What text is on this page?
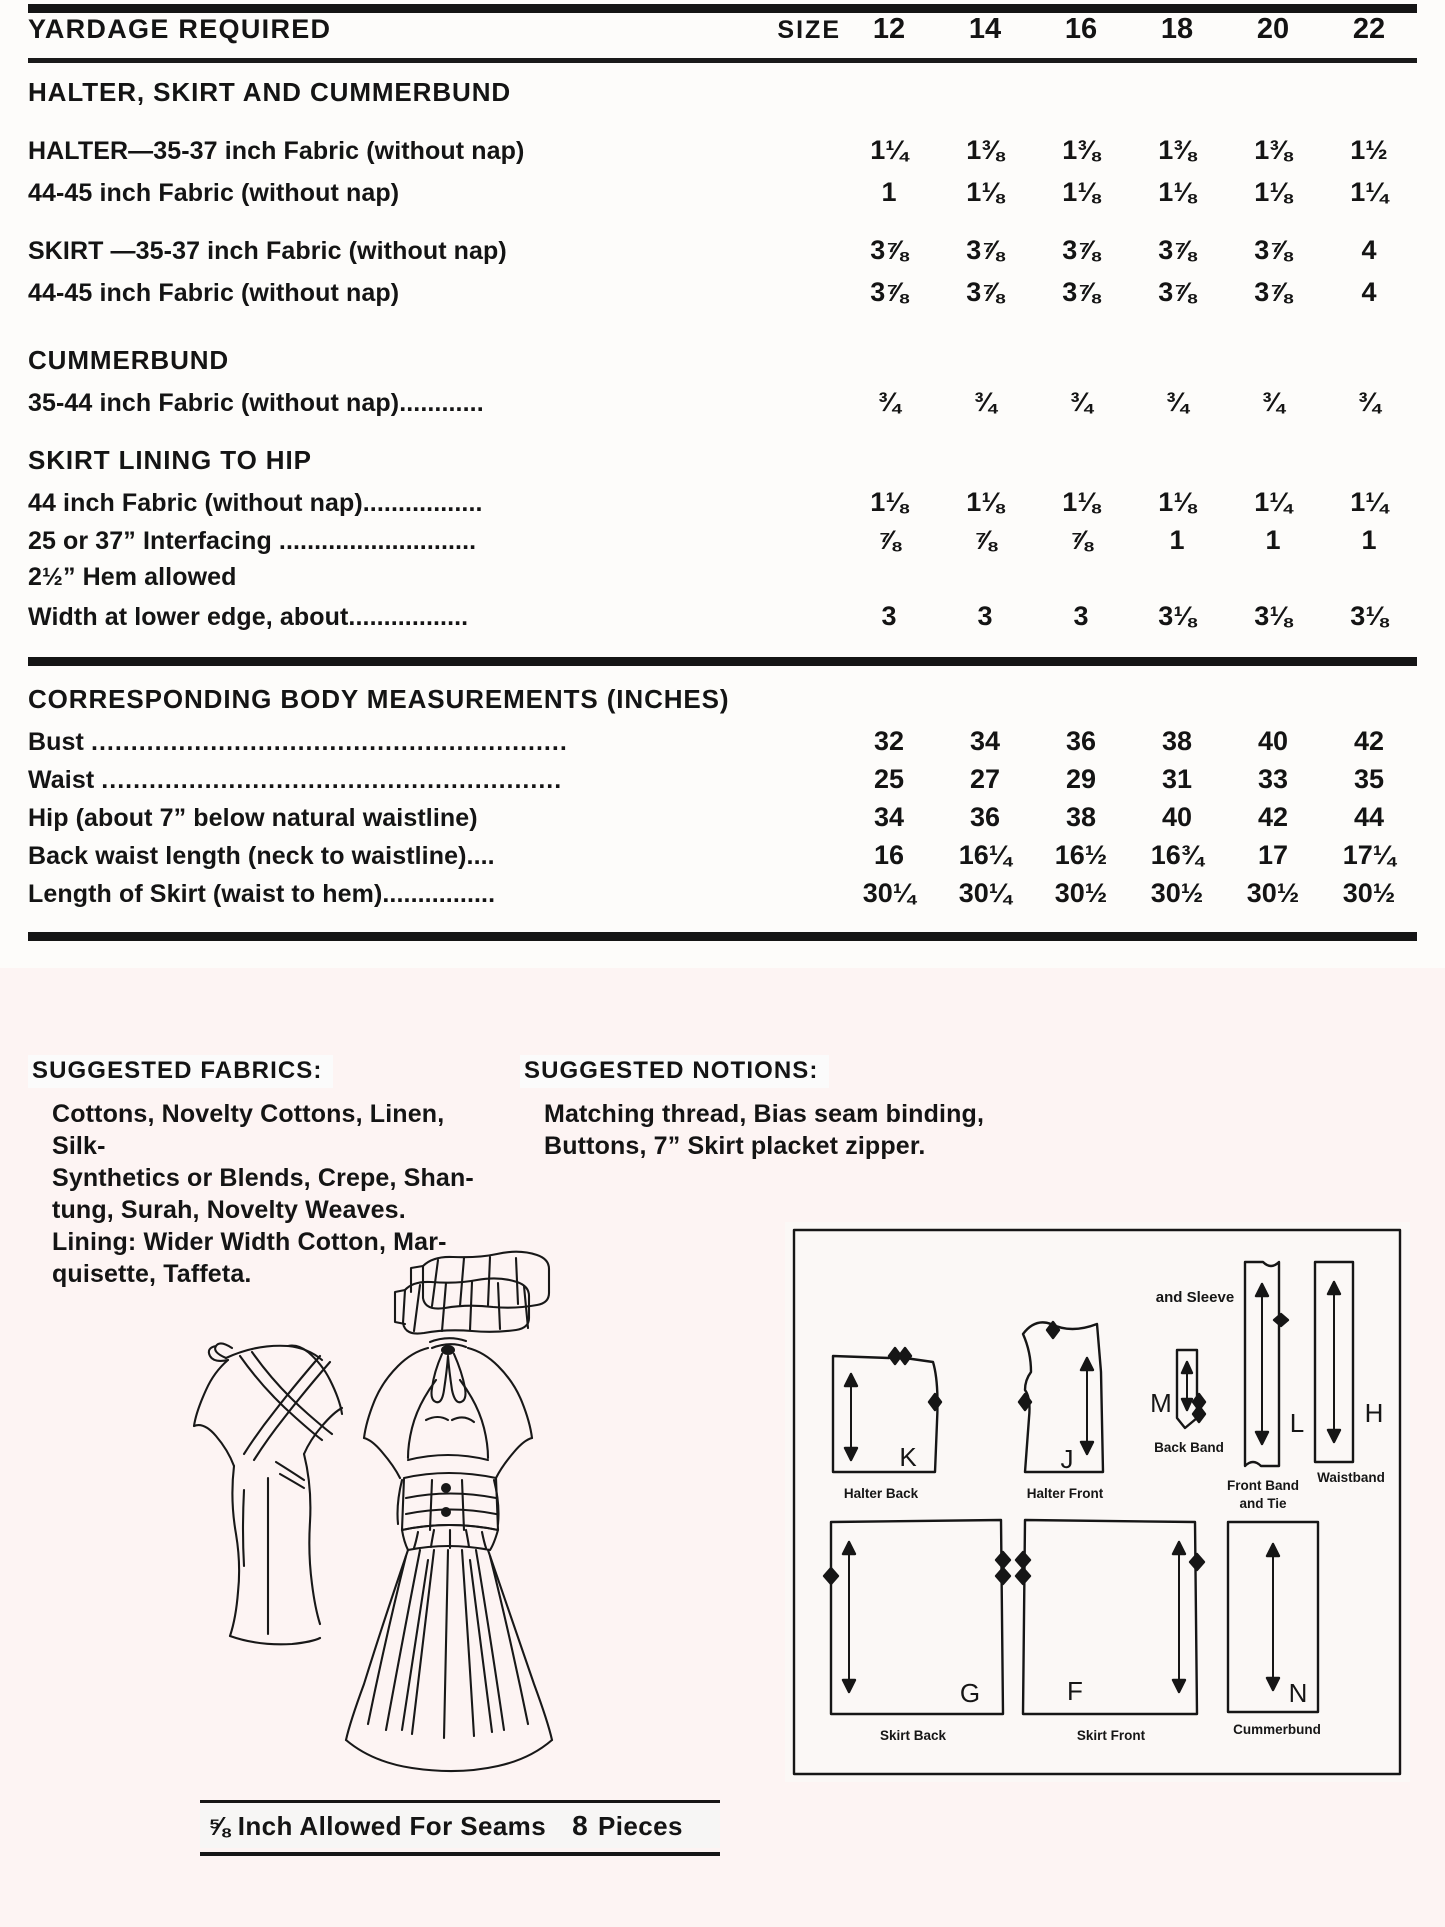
YARDAGE REQUIRED	SIZE	12	14	16	18	20	22
HALTER, SKIRT AND CUMMERBUND						

HALTER—35-37 inch Fabric (without nap)	1¼	1⅜	1⅜	1⅜	1⅜	1½
44-45 inch Fabric (without nap)	1	1⅛	1⅛	1⅛	1⅛	1¼

SKIRT —35-37 inch Fabric (without nap)	3⅞	3⅞	3⅞	3⅞	3⅞	4
44-45 inch Fabric (without nap)	3⅞	3⅞	3⅞	3⅞	3⅞	4

CUMMERBUND						
35-44 inch Fabric (without nap)............	¾	¾	¾	¾	¾	¾

SKIRT LINING TO HIP						
44 inch Fabric (without nap).................	1⅛	1⅛	1⅛	1⅛	1¼	1¼
25 or 37” Interfacing ............................	⅞	⅞	⅞	1	1	1
2½” Hem allowed						
Width at lower edge, about.................	3	3	3	3⅛	3⅛	3⅛
CORRESPONDING BODY MEASUREMENTS (INCHES)						
Bust ............................................................	32	34	36	38	40	42
Waist ..........................................................	25	27	29	31	33	35
Hip (about 7” below natural waistline)	34	36	38	40	42	44
Back waist length (neck to waistline)....	16	16¼	16½	16¾	17	17¼
Length of Skirt (waist to hem)................	30¼	30¼	30½	30½	30½	30½
SUGGESTED FABRICS:
Cottons, Novelty Cottons, Linen, Silk-
Synthetics or Blends, Crepe, Shan-
tung, Surah, Novelty Weaves.
Lining: Wider Width Cotton, Mar-
quisette, Taffeta.
SUGGESTED NOTIONS:
Matching thread, Bias seam binding,
Buttons, 7” Skirt placket zipper.
K	J
M
L H
G	F	N
Halter Back	Halter Front
Back Band
Front Band
and Tie
Waistband
Skirt Back	Skirt Front	Cummerbund
and Sleeve
⅝ Inch Allowed For Seams 8 Pieces
